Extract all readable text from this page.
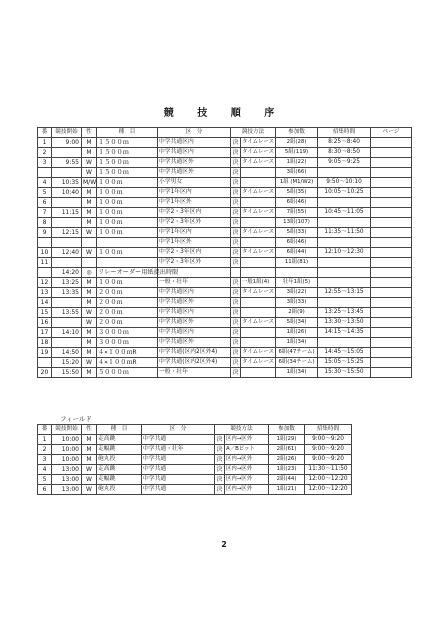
競 技 順 序
番	競技開始	性	種　目	区　分	競技方法		参加数	招集時間	ページ
1	9:00	M	１５００ｍ	中学共通区内	決	タイムレース	2組(28)	8:25～8:40	
2		M	１５００ｍ	中学共通区内	決	タイムレース	5組(119)	8:30～8:50	
3	9:55	W	１５００ｍ	中学共通区外	決	タイムレース	1組(22)	9:05～9:25	
		W	１５００ｍ	中学共通区外	決		3組(66)		
4	10:35	M/W	１００ｍ	小学男女	決		1組 (M1/W2)	9:50～10:10	
5	10:40	M	１００ｍ	中学1年区内	決	タイムレース	5組(35)	10:05～10:25	
6		M	１００ｍ	中学1年区外	決		6組(46)		
7	11:15	M	１００ｍ	中学2・3年区内	決	タイムレース	7組(55)	10:45～11:05	
8		M	１００ｍ	中学2・3年区外	決		13組(107)		
9	12:15	W	１００ｍ	中学1年区内	決	タイムレース	5組(33)	11:35～11:50	
				中学1年区外	決		6組(46)		
10	12:40	W	１００ｍ	中学2・3年区内	決	タイムレース	6組(44)	12:10～12:30	
11				中学2・3年区外	決		11組(81)		
	14:20	◎	リレーオーダー用紙提出時限						
12	13:25	M	１００ｍ	一般・壮年	決	一般1組(4)	壮年1組(5)		
13	13:35	M	２００ｍ	中学共通区内	決	タイムレース	3組(22)	12:55～13:15	
14		M	２００ｍ	中学共通区外	決		3組(33)		
15	13:55	W	２００ｍ	中学共通区内	決		2組(9)	13:25～13:45	
16		W	２００ｍ	中学共通区外	決	タイムレース	5組(34)	13:30～13:50	
17	14:10	M	３０００ｍ	中学共通区内	決		1組(26)	14:15～14:35	
18		M	３０００ｍ	中学共通区外	決		1組(34)		
19	14:50	M	４×１００ｍR	中学共通(区内2区外4)	決	タイムレース	6組(47チーム)	14:45～15:05	
	15:20	W	４×１００ｍR	中学共通(区内2区外4)	決	タイムレース	6組(34チーム)	15:05～15:25	
20	15:50	M	５０００ｍ	一般・壮年	決		1組(34)	15:30～15:50	
フィールド
番	競技開始	性	種　目	区　分	競技方法		参加数	招集時間
1	10:00	M	走高跳	中学共通	決	区内→区外	1組(29)	9:00～9:20
2	10:00	M	走幅跳	中学共通・壮年	決	A／Bピット	2組(61)	9:00～9:20
3	10:00	M	砲丸投	中学共通	決	区内→区外	2組(26)	9:00～9:20
4	13:00	W	走高跳	中学共通	決	区内→区外	1組(23)	11:30～11:50
5	13:00	W	走幅跳	中学共通	決	区内→区外	2組(44)	12:00～12:20
6	13:00	W	砲丸投	中学共通	決	区内→区外	1組(21)	12:00～12:20
2
